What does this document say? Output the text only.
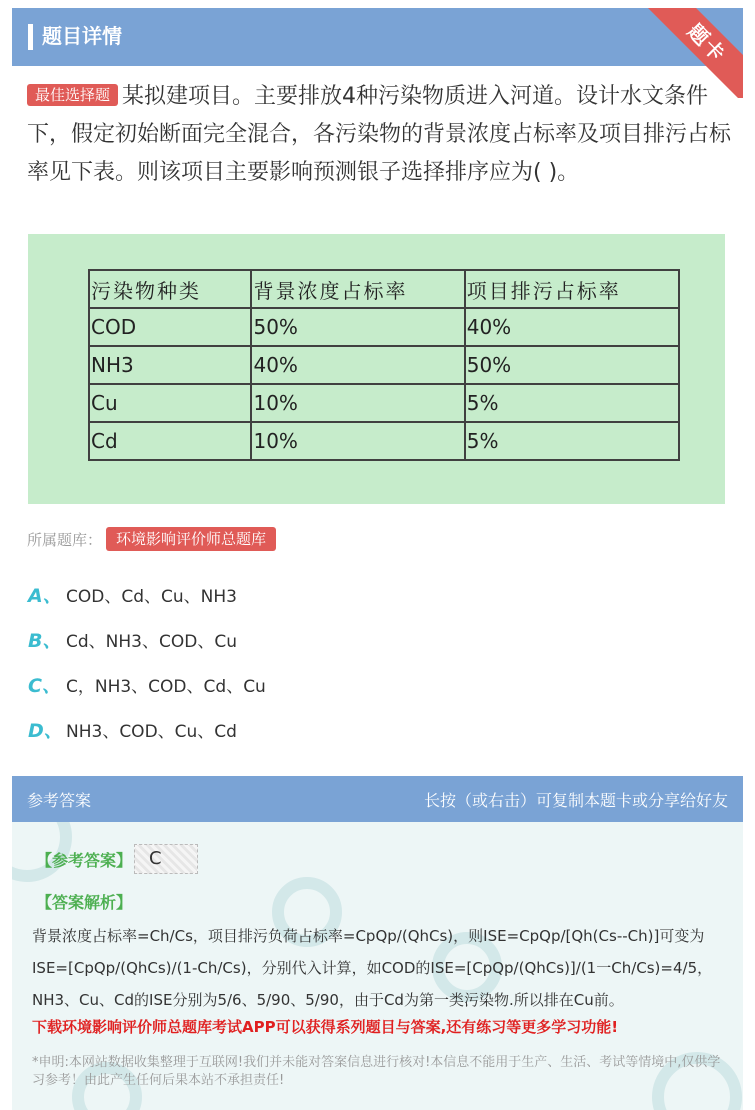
题目详情	题卡
最佳选择题 某拟建项目。主要排放4种污染物质进入河道。设计水文条件下，假定初始断面完全混合，各污染物的背景浓度占标率及项目排污占标率见下表。则该项目主要影响预测银子选择排序应为( )。
污染物种类	背景浓度占标率	项目排污占标率
COD	50%	40%
NH3	40%	50%
Cu	10%	5%
Cd	10%	5%
所属题库： 环境影响评价师总题库
A、 COD、Cd、Cu、NH3
B、 Cd、NH3、COD、Cu
C、 C，NH3、COD、Cd、Cu
D、 NH3、COD、Cu、Cd
参考答案	长按（或右击）可复制本题卡或分享给好友
【参考答案】 C
【答案解析】
背景浓度占标率=Ch/Cs，项目排污负荷占标率=CpQp/(QhCs)，则ISE=CpQp/[Qh(Cs--Ch)]可变为ISE=[CpQp/(QhCs)/(1-Ch/Cs)，分别代入计算，如COD的ISE=[CpQp/(QhCs)]/(1一Ch/Cs)=4/5，NH3、Cu、Cd的ISE分别为5/6、5/90、5/90，由于Cd为第一类污染物.所以排在Cu前。
下载环境影响评价师总题库考试APP可以获得系列题目与答案,还有练习等更多学习功能!
*申明:本网站数据收集整理于互联网!我们并未能对答案信息进行核对!本信息不能用于生产、生活、考试等情境中,仅供学习参考！由此产生任何后果本站不承担责任!
